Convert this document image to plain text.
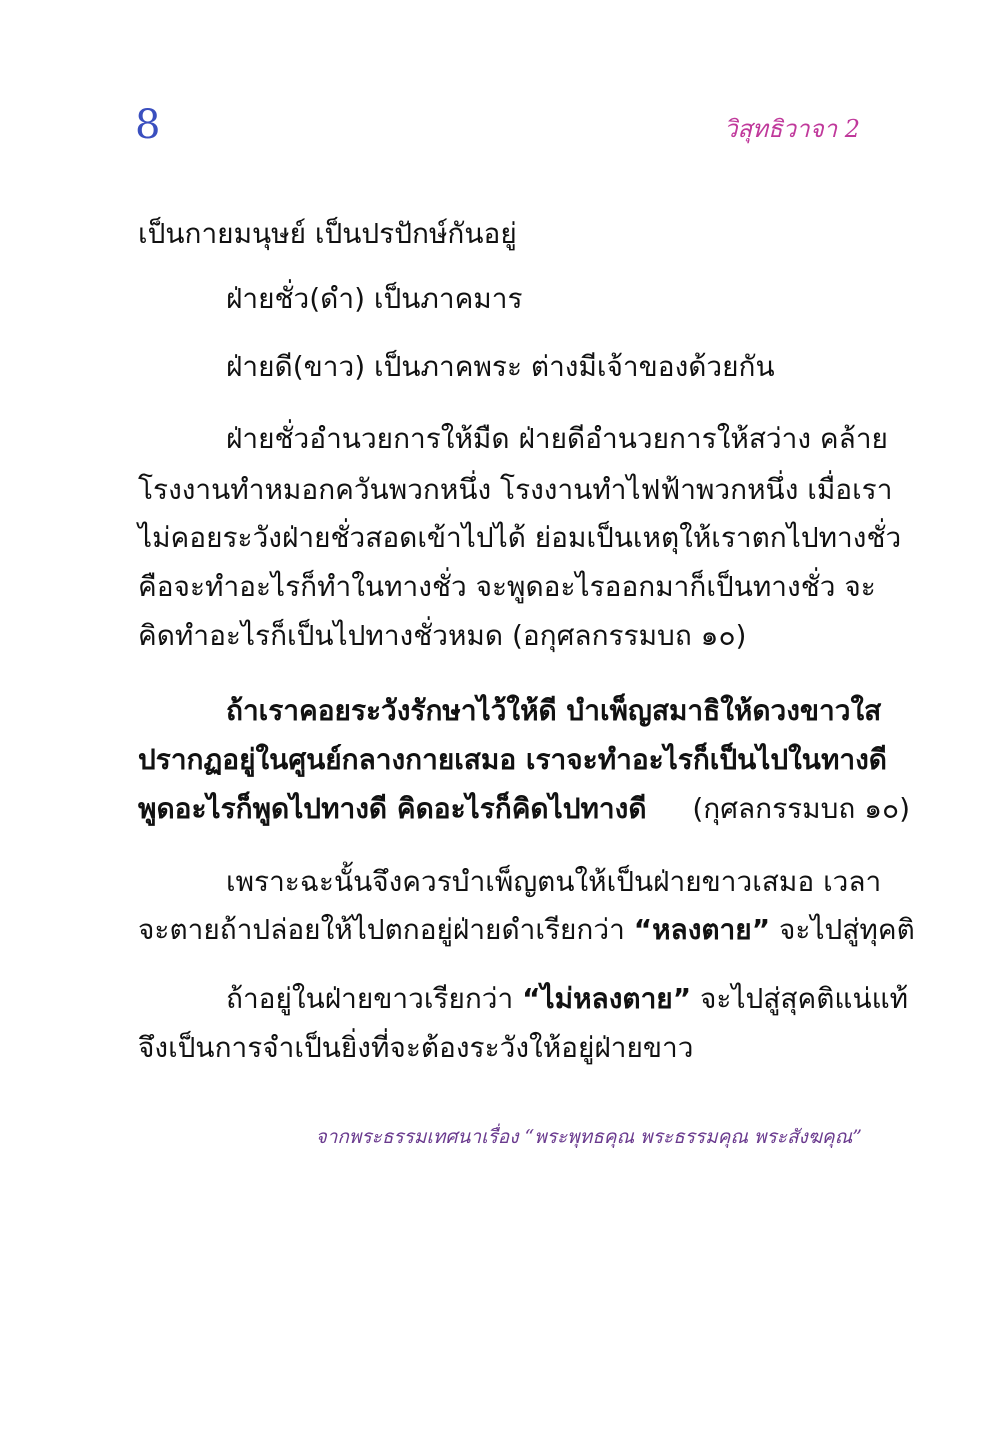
8	วิสุทธิวาจา 2
เป็นกายมนุษย์ เป็นปรปักษ์กันอยู่
ฝ่ายชั่ว(ดำ) เป็นภาคมาร
ฝ่ายดี(ขาว) เป็นภาคพระ ต่างมีเจ้าของด้วยกัน
ฝ่ายชั่วอำนวยการให้มืด ฝ่ายดีอำนวยการให้สว่าง คล้าย
โรงงานทำหมอกควันพวกหนึ่ง โรงงานทำไฟฟ้าพวกหนึ่ง เมื่อเรา
ไม่คอยระวังฝ่ายชั่วสอดเข้าไปได้ ย่อมเป็นเหตุให้เราตกไปทางชั่ว
คือจะทำอะไรก็ทำในทางชั่ว จะพูดอะไรออกมาก็เป็นทางชั่ว จะ
คิดทำอะไรก็เป็นไปทางชั่วหมด (อกุศลกรรมบถ ๑๐)
ถ้าเราคอยระวังรักษาไว้ให้ดี บำเพ็ญสมาธิให้ดวงขาวใส
ปรากฏอยู่ในศูนย์กลางกายเสมอ เราจะทำอะไรก็เป็นไปในทางดี
พูดอะไรก็พูดไปทางดี คิดอะไรก็คิดไปทางดี (กุศลกรรมบถ ๑๐)
เพราะฉะนั้นจึงควรบำเพ็ญตนให้เป็นฝ่ายขาวเสมอ เวลา
จะตายถ้าปล่อยให้ไปตกอยู่ฝ่ายดำเรียกว่า “หลงตาย” จะไปสู่ทุคติ
ถ้าอยู่ในฝ่ายขาวเรียกว่า “ไม่หลงตาย” จะไปสู่สุคติแน่แท้
จึงเป็นการจำเป็นยิ่งที่จะต้องระวังให้อยู่ฝ่ายขาว
จากพระธรรมเทศนาเรื่อง “พระพุทธคุณ พระธรรมคุณ พระสังฆคุณ”
